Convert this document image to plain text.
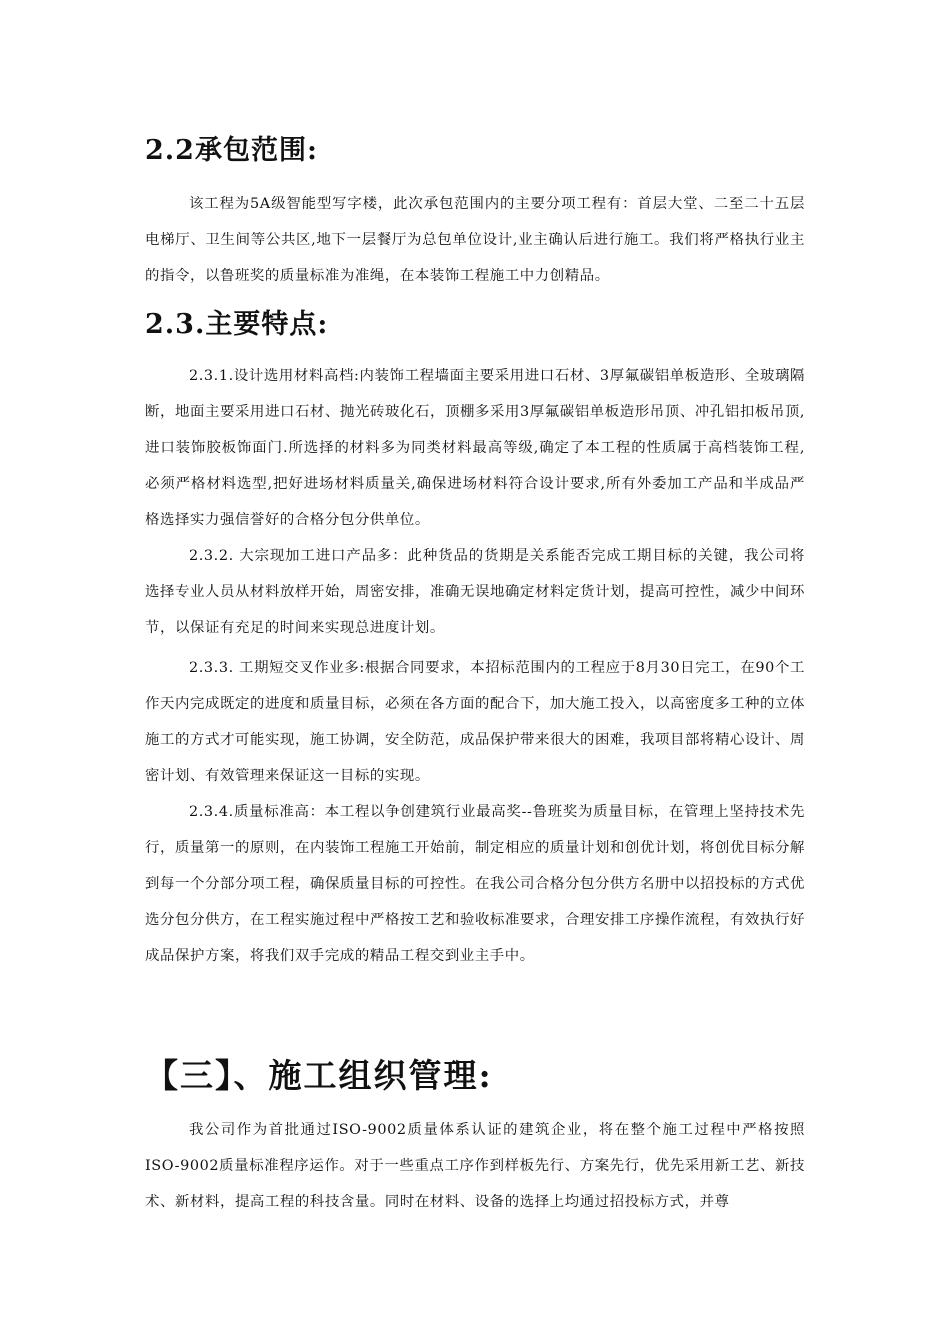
2.2承包范围:

该工程为5A级智能型写字楼，此次承包范围内的主要分项工程有：首层大堂、二至二十五层电梯厅、卫生间等公共区,地下一层餐厅为总包单位设计,业主确认后进行施工。我们将严格执行业主的指令，以鲁班奖的质量标准为准绳，在本装饰工程施工中力创精品。

2.3.主要特点:

2.3.1.设计选用材料高档:内装饰工程墙面主要采用进口石材、3厚氟碳铝单板造形、全玻璃隔断，地面主要采用进口石材、抛光砖玻化石，顶棚多采用3厚氟碳铝单板造形吊顶、冲孔铝扣板吊顶,进口装饰胶板饰面门.所选择的材料多为同类材料最高等级,确定了本工程的性质属于高档装饰工程,必须严格材料选型,把好进场材料质量关,确保进场材料符合设计要求,所有外委加工产品和半成品严格选择实力强信誉好的合格分包分供单位。

2.3.2. 大宗现加工进口产品多：此种货品的货期是关系能否完成工期目标的关键，我公司将选择专业人员从材料放样开始，周密安排，准确无误地确定材料定货计划，提高可控性，减少中间环节，以保证有充足的时间来实现总进度计划。

2.3.3. 工期短交叉作业多:根据合同要求，本招标范围内的工程应于8月30日完工，在90个工作天内完成既定的进度和质量目标，必须在各方面的配合下，加大施工投入，以高密度多工种的立体施工的方式才可能实现，施工协调，安全防范，成品保护带来很大的困难，我项目部将精心设计、周密计划、有效管理来保证这一目标的实现。

2.3.4.质量标准高：本工程以争创建筑行业最高奖--鲁班奖为质量目标，在管理上坚持技术先行，质量第一的原则，在内装饰工程施工开始前，制定相应的质量计划和创优计划，将创优目标分解到每一个分部分项工程，确保质量目标的可控性。在我公司合格分包分供方名册中以招投标的方式优选分包分供方，在工程实施过程中严格按工艺和验收标准要求，合理安排工序操作流程，有效执行好成品保护方案，将我们双手完成的精品工程交到业主手中。

【三】、施工组织管理:

我公司作为首批通过ISO-9002质量体系认证的建筑企业，将在整个施工过程中严格按照ISO-9002质量标准程序运作。对于一些重点工序作到样板先行、方案先行，优先采用新工艺、新技术、新材料，提高工程的科技含量。同时在材料、设备的选择上均通过招投标方式，并尊
